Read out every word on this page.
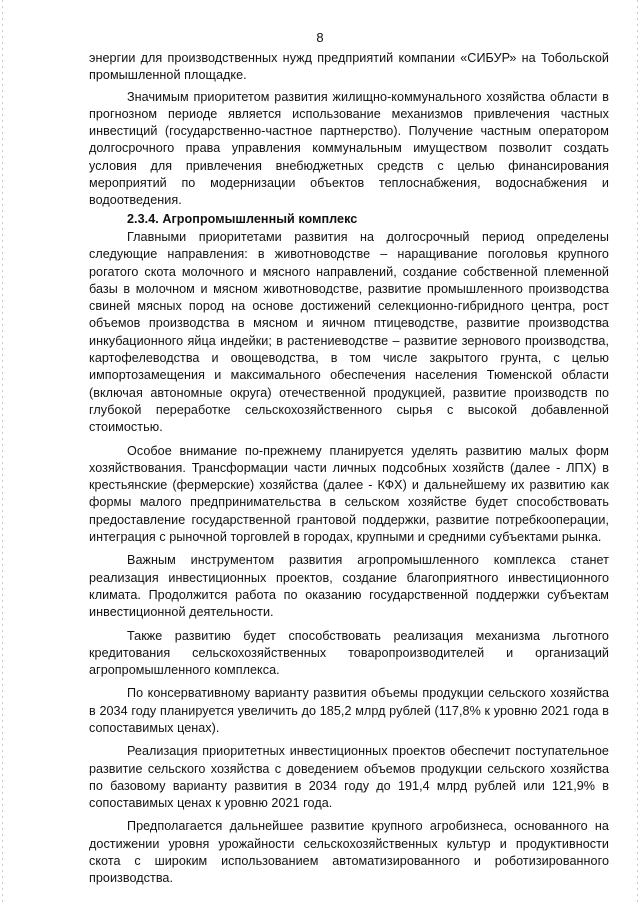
8

энергии для производственных нужд предприятий компании «СИБУР» на Тобольской промышленной площадке.

Значимым приоритетом развития жилищно-коммунального хозяйства области в прогнозном периоде является использование механизмов привлечения частных инвестиций (государственно-частное партнерство). Получение частным оператором долгосрочного права управления коммунальным имуществом позволит создать условия для привлечения внебюджетных средств с целью финансирования мероприятий по модернизации объектов теплоснабжения, водоснабжения и водоотведения.

2.3.4. Агропромышленный комплекс

Главными приоритетами развития на долгосрочный период определены следующие направления: в животноводстве – наращивание поголовья крупного рогатого скота молочного и мясного направлений, создание собственной племенной базы в молочном и мясном животноводстве, развитие промышленного производства свиней мясных пород на основе достижений селекционно-гибридного центра, рост объемов производства в мясном и яичном птицеводстве, развитие производства инкубационного яйца индейки; в растениеводстве – развитие зернового производства, картофелеводства и овощеводства, в том числе закрытого грунта, с целью импортозамещения и максимального обеспечения населения Тюменской области (включая автономные округа) отечественной продукцией, развитие производств по глубокой переработке сельскохозяйственного сырья с высокой добавленной стоимостью.

Особое внимание по-прежнему планируется уделять развитию малых форм хозяйствования. Трансформации части личных подсобных хозяйств (далее - ЛПХ) в крестьянские (фермерские) хозяйства (далее - КФХ) и дальнейшему их развитию как формы малого предпринимательства в сельском хозяйстве будет способствовать предоставление государственной грантовой поддержки, развитие потребкооперации, интеграция с рыночной торговлей в городах, крупными и средними субъектами рынка.

Важным инструментом развития агропромышленного комплекса станет реализация инвестиционных проектов, создание благоприятного инвестиционного климата. Продолжится работа по оказанию государственной поддержки субъектам инвестиционной деятельности.

Также развитию будет способствовать реализация механизма льготного кредитования сельскохозяйственных товаропроизводителей и организаций агропромышленного комплекса.

По консервативному варианту развития объемы продукции сельского хозяйства в 2034 году планируется увеличить до 185,2 млрд рублей (117,8% к уровню 2021 года в сопоставимых ценах).

Реализация приоритетных инвестиционных проектов обеспечит поступательное развитие сельского хозяйства с доведением объемов продукции сельского хозяйства по базовому варианту развития в 2034 году до 191,4 млрд рублей или 121,9% в сопоставимых ценах к уровню 2021 года.

Предполагается дальнейшее развитие крупного агробизнеса, основанного на достижении уровня урожайности сельскохозяйственных культур и продуктивности скота с широким использованием автоматизированного и роботизированного производства.
